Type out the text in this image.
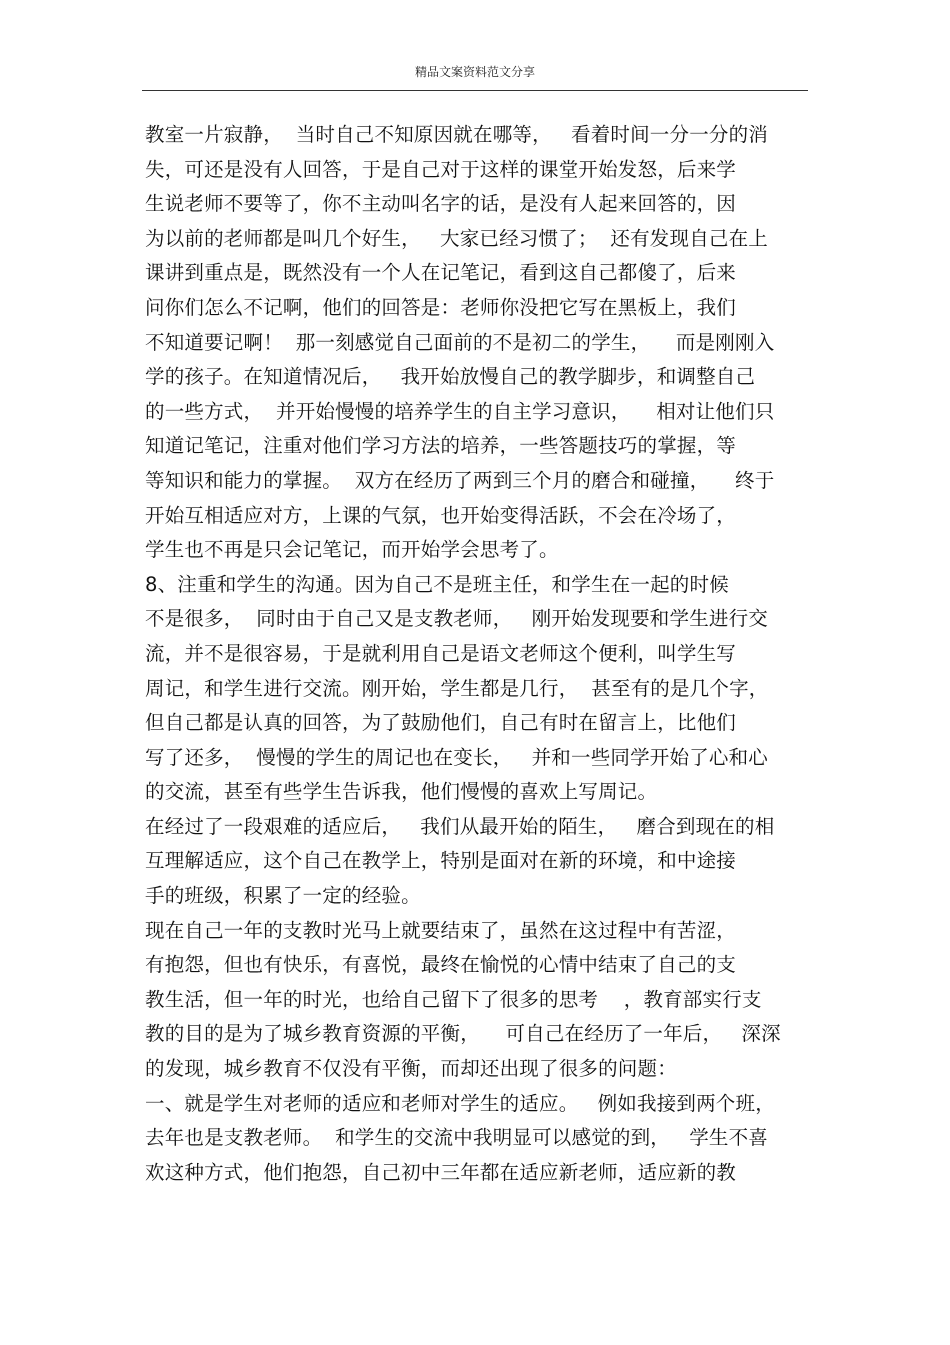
精品文案资料范文分享
教室一片寂静，  当时自己不知原因就在哪等，   看着时间一分一分的消
失，可还是没有人回答，于是自己对于这样的课堂开始发怒，后来学
生说老师不要等了，你不主动叫名字的话，是没有人起来回答的，因
为以前的老师都是叫几个好生，   大家已经习惯了；  还有发现自己在上
课讲到重点是，既然没有一个人在记笔记，看到这自己都傻了，后来
问你们怎么不记啊，他们的回答是：老师你没把它写在黑板上，我们
不知道要记啊！  那一刻感觉自己面前的不是初二的学生，    而是刚刚入
学的孩子。在知道情况后，   我开始放慢自己的教学脚步，和调整自己
的一些方式，  并开始慢慢的培养学生的自主学习意识，    相对让他们只
知道记笔记，注重对他们学习方法的培养，一些答题技巧的掌握，等
等知识和能力的掌握。  双方在经历了两到三个月的磨合和碰撞，    终于
开始互相适应对方，上课的气氛，也开始变得活跃，不会在冷场了，
学生也不再是只会记笔记，而开始学会思考了。
8、注重和学生的沟通。因为自己不是班主任，和学生在一起的时候
不是很多，  同时由于自己又是支教老师，   刚开始发现要和学生进行交
流，并不是很容易，于是就利用自己是语文老师这个便利，叫学生写
周记，和学生进行交流。刚开始，学生都是几行，  甚至有的是几个字，
但自己都是认真的回答，为了鼓励他们，自己有时在留言上，比他们
写了还多，  慢慢的学生的周记也在变长，   并和一些同学开始了心和心
的交流，甚至有些学生告诉我，他们慢慢的喜欢上写周记。
在经过了一段艰难的适应后，   我们从最开始的陌生，   磨合到现在的相
互理解适应，这个自己在教学上，特别是面对在新的环境，和中途接
手的班级，积累了一定的经验。
现在自己一年的支教时光马上就要结束了，虽然在这过程中有苦涩，
有抱怨，但也有快乐，有喜悦，最终在愉悦的心情中结束了自己的支
教生活，但一年的时光，也给自己留下了很多的思考    ，教育部实行支
教的目的是为了城乡教育资源的平衡，    可自己在经历了一年后，   深深
的发现，城乡教育不仅没有平衡，而却还出现了很多的问题：
一、就是学生对老师的适应和老师对学生的适应。   例如我接到两个班，
去年也是支教老师。  和学生的交流中我明显可以感觉的到，   学生不喜
欢这种方式，他们抱怨，自己初中三年都在适应新老师，适应新的教
